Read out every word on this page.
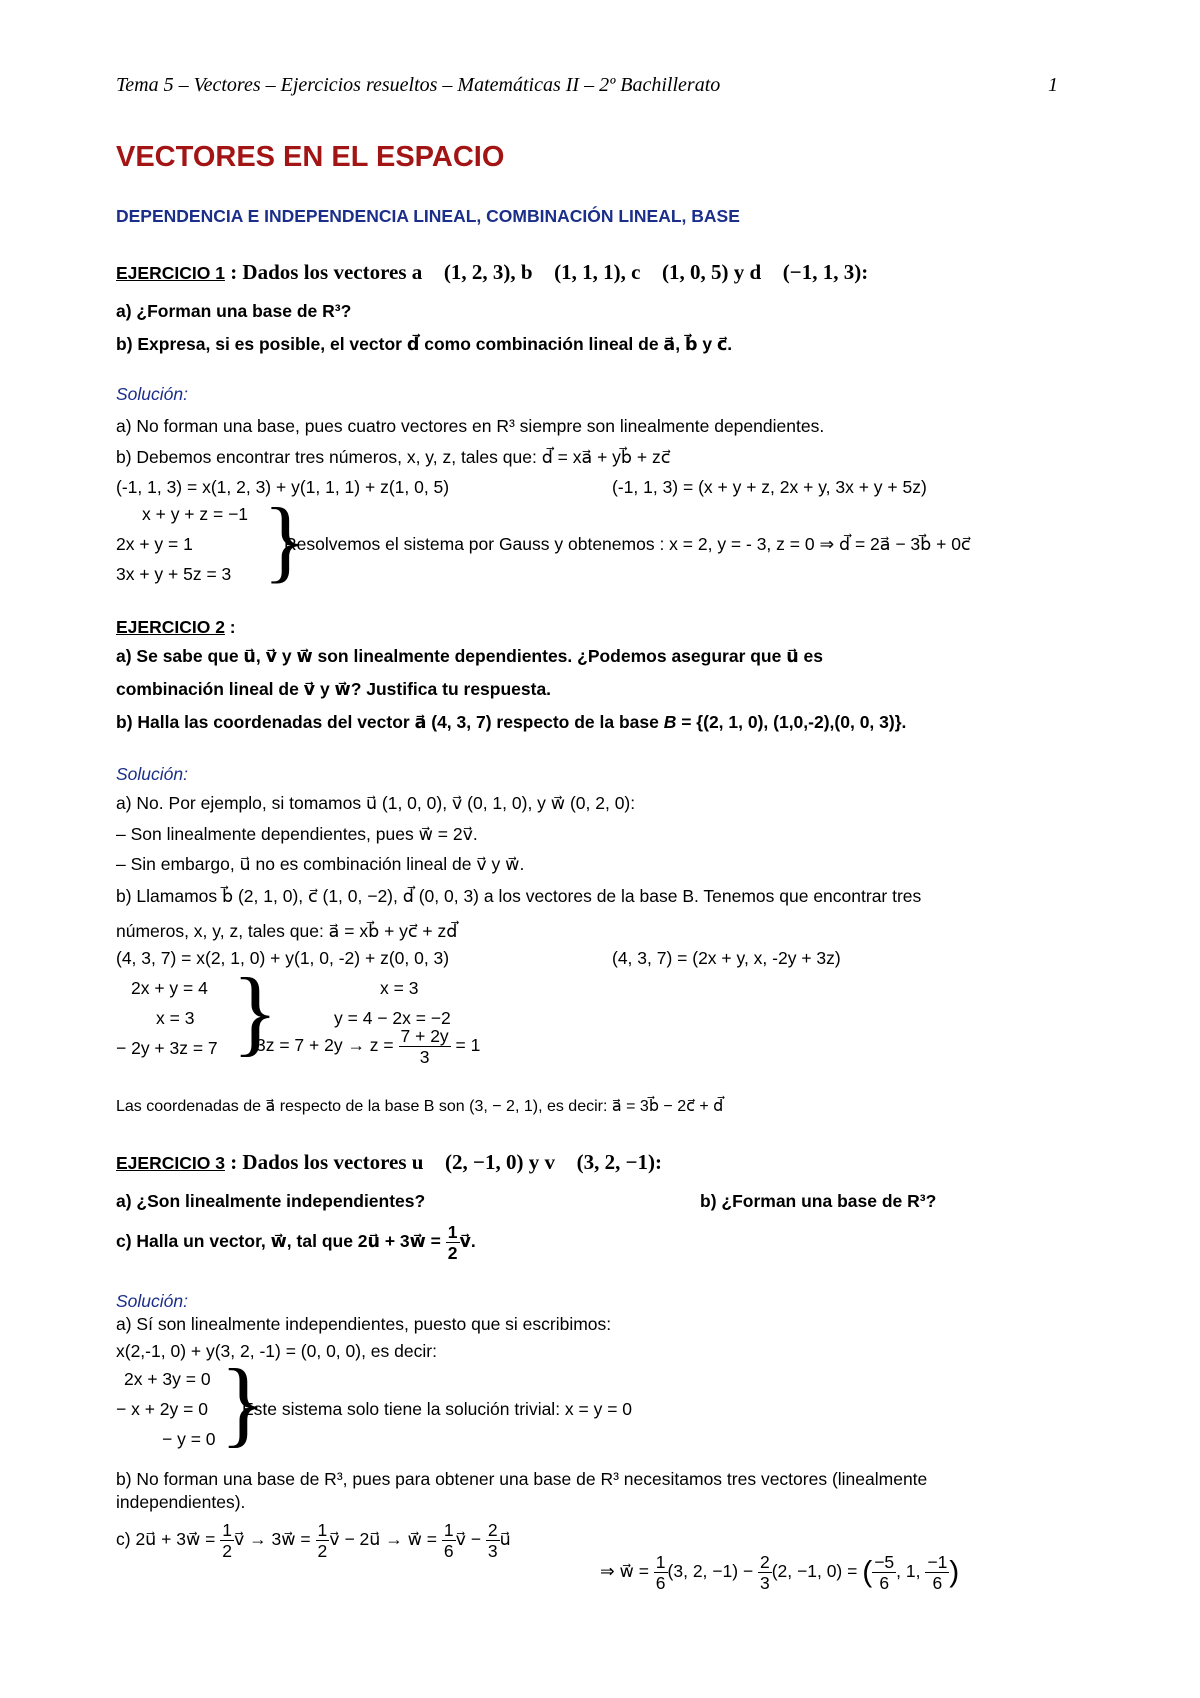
Tema 5 – Vectores – Ejercicios resueltos – Matemáticas II – 2º Bachillerato	1
VECTORES EN EL ESPACIO
DEPENDENCIA E INDEPENDENCIA LINEAL, COMBINACIÓN LINEAL, BASE
EJERCICIO 1 : Dados los vectores a⃗ (1, 2, 3), b⃗ (1, 1, 1), c⃗ (1, 0, 5) y d⃗ (−1, 1, 3):
a) ¿Forman una base de R³?
b) Expresa, si es posible, el vector d⃗ como combinación lineal de a⃗, b⃗ y c⃗.
Solución:
a) No forman una base, pues cuatro vectores en R³ siempre son linealmente dependientes.
b) Debemos encontrar tres números, x, y, z, tales que: d⃗ = xa⃗ + yb⃗ + zc⃗
(-1, 1, 3) = x(1, 2, 3) + y(1, 1, 1) + z(1, 0, 5)	(-1, 1, 3) = (x + y + z, 2x + y, 3x + y + 5z)
x + y + z = −1
2x + y = 1
3x + y + 5z = 3 }
Resolvemos el sistema por Gauss y obtenemos : x = 2, y = - 3, z = 0 ⇒ d⃗ = 2a⃗ − 3b⃗ + 0c⃗
EJERCICIO 2 :
a) Se sabe que u⃗, v⃗ y w⃗ son linealmente dependientes. ¿Podemos asegurar que u⃗ es
combinación lineal de v⃗ y w⃗? Justifica tu respuesta.
b) Halla las coordenadas del vector a⃗ (4, 3, 7) respecto de la base B = {(2, 1, 0), (1,0,-2),(0, 0, 3)}.
Solución:
a) No. Por ejemplo, si tomamos u⃗ (1, 0, 0), v⃗ (0, 1, 0), y w⃗ (0, 2, 0):
– Son linealmente dependientes, pues w⃗ = 2v⃗.
– Sin embargo, u⃗ no es combinación lineal de v⃗ y w⃗.
b) Llamamos b⃗ (2, 1, 0), c⃗ (1, 0, −2), d⃗ (0, 0, 3) a los vectores de la base B. Tenemos que encontrar tres
números, x, y, z, tales que: a⃗ = xb⃗ + yc⃗ + zd⃗
(4, 3, 7) = x(2, 1, 0) + y(1, 0, -2) + z(0, 0, 3)	(4, 3, 7) = (2x + y, x, -2y + 3z)
2x + y = 4
x = 3
− 2y + 3z = 7 }	x = 3
y = 4 − 2x = −2
$3z = 7 + 2y \to z = \frac{7 + 2y}{3} = 1$
Las coordenadas de a⃗ respecto de la base B son (3, − 2, 1), es decir: a⃗ = 3b⃗ − 2c⃗ + d⃗
EJERCICIO 3 : Dados los vectores u⃗ (2, −1, 0) y v⃗ (3, 2, −1):
a) ¿Son linealmente independientes?	b) ¿Forman una base de R³?
c) Halla un vector, w⃗, tal que 2u⃗ + 3w⃗ = $\frac{1}{2}$ v⃗.
Solución:
a) Sí son linealmente independientes, puesto que si escribimos:
x(2,-1, 0) + y(3, 2, -1) = (0, 0, 0), es decir:
2x + 3y = 0
− x + 2y = 0
− y = 0 }
Este sistema solo tiene la solución trivial: x = y = 0
b) No forman una base de R³, pues para obtener una base de R³ necesitamos tres vectores (linealmente
independientes).
c) 2u⃗ + 3w⃗ = $\frac{1}{2}$ v⃗ → 3w⃗ = $\frac{1}{2}$ v⃗ − 2u⃗ → w⃗ = $\frac{1}{6}$ v⃗ − $\frac{2}{3}$ u⃗
⇒ w⃗ = $\frac{1}{6} (3$, 2, $-1) - \frac{2}{3} (2$, −1, 0) = ( $\frac{-5}{6}$ , 1, $\frac{-1}{6}$ )
